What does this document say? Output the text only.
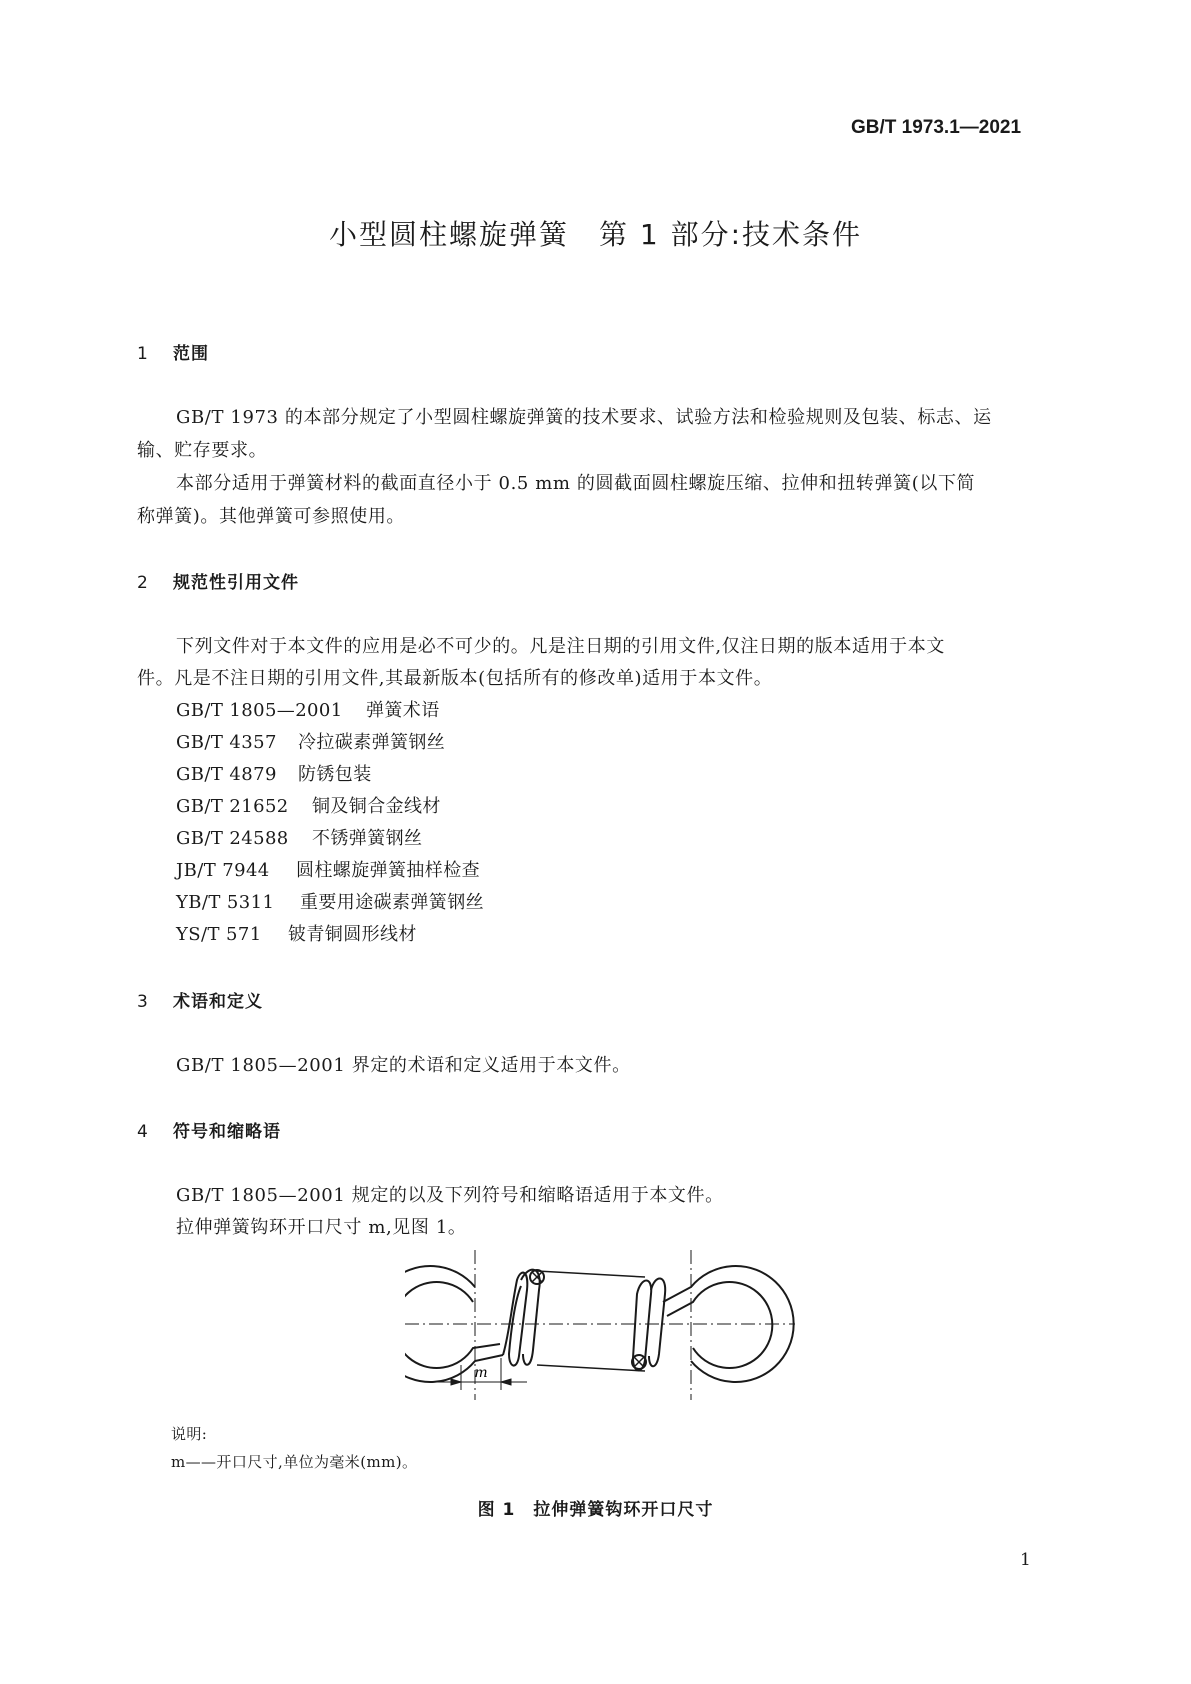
GB/T 1973.1—2021
小型圆柱螺旋弹簧　第 1 部分:技术条件
1 范围
GB/T 1973 的本部分规定了小型圆柱螺旋弹簧的技术要求、试验方法和检验规则及包装、标志、运
输、贮存要求。
本部分适用于弹簧材料的截面直径小于 0.5 mm 的圆截面圆柱螺旋压缩、拉伸和扭转弹簧(以下简
称弹簧)。其他弹簧可参照使用。
2 规范性引用文件
下列文件对于本文件的应用是必不可少的。凡是注日期的引用文件,仅注日期的版本适用于本文
件。凡是不注日期的引用文件,其最新版本(包括所有的修改单)适用于本文件。
GB/T 1805—2001 弹簧术语
GB/T 4357 冷拉碳素弹簧钢丝
GB/T 4879 防锈包装
GB/T 21652 铜及铜合金线材
GB/T 24588 不锈弹簧钢丝
JB/T 7944 圆柱螺旋弹簧抽样检查
YB/T 5311 重要用途碳素弹簧钢丝
YS/T 571 铍青铜圆形线材
3 术语和定义
GB/T 1805—2001 界定的术语和定义适用于本文件。
4 符号和缩略语
GB/T 1805—2001 规定的以及下列符号和缩略语适用于本文件。
拉伸弹簧钩环开口尺寸 m,见图 1。
m
说明:
m——开口尺寸,单位为毫米(mm)。
图 1　拉伸弹簧钩环开口尺寸
1
